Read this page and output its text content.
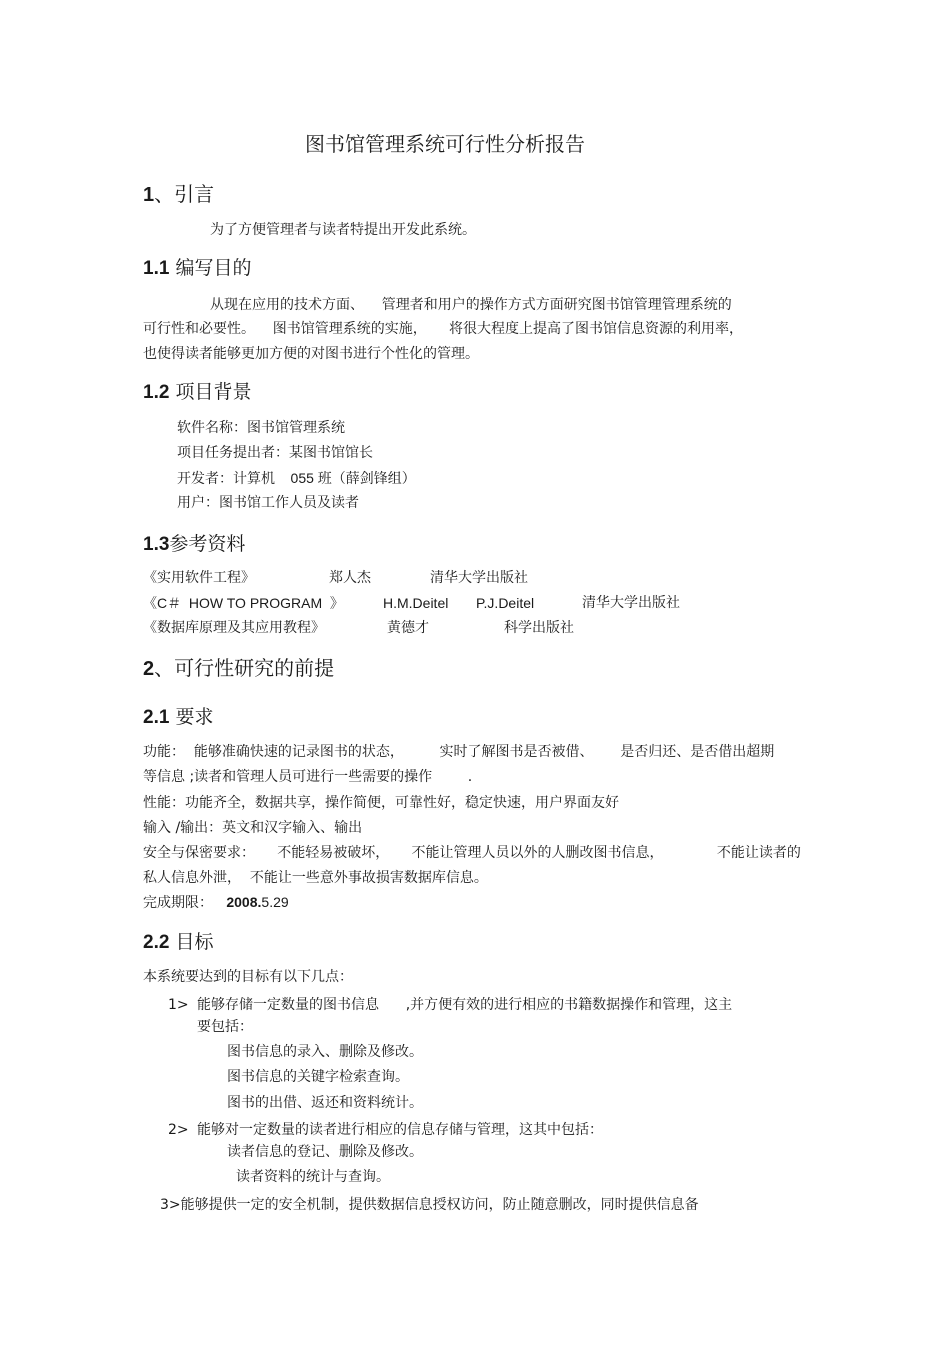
图书馆管理系统可行性分析报告
1、引言
为了方便管理者与读者特提出开发此系统。
1.1 编写目的
从现在应用的技术方面、    管理者和用户的操作方式方面研究图书馆管理管理系统的
可行性和必要性。    图书馆管理系统的实施，     将很大程度上提高了图书馆信息资源的利用率，
也使得读者能够更加方便的对图书进行个性化的管理。
1.2 项目背景
软件名称：图书馆管理系统
项目任务提出者：某图书馆馆长
开发者：计算机    055 班（薛剑锋组）
用户：图书馆工作人员及读者
1.3参考资料
《实用软件工程》	郑人杰	清华大学出版社
《C＃  HOW TO PROGRAM  》	H.M.Deitel P.J.Deitel	清华大学出版社
《数据库原理及其应用教程》	黄德才	科学出版社
2、可行性研究的前提
2.1 要求
功能：  能够准确快速的记录图书的状态，        实时了解图书是否被借、      是否归还、是否借出超期
等信息 ;读者和管理人员可进行一些需要的操作        .
性能：功能齐全，数据共享，操作简便，可靠性好，稳定快速，用户界面友好
输入 /输出：英文和汉字输入、输出
安全与保密要求：     不能轻易被破坏，     不能让管理人员以外的人删改图书信息，            不能让读者的
私人信息外泄，  不能让一些意外事故损害数据库信息。
完成期限： 2008.5.29
2.2 目标
本系统要达到的目标有以下几点：
1> 能够存储一定数量的图书信息      ,并方便有效的进行相应的书籍数据操作和管理，这主
要包括：
图书信息的录入、删除及修改。
图书信息的关键字检索查询。
图书的出借、返还和资料统计。
2> 能够对一定数量的读者进行相应的信息存储与管理，这其中包括：
读者信息的登记、删除及修改。
读者资料的统计与查询。
3>能够提供一定的安全机制，提供数据信息授权访问，防止随意删改，同时提供信息备
